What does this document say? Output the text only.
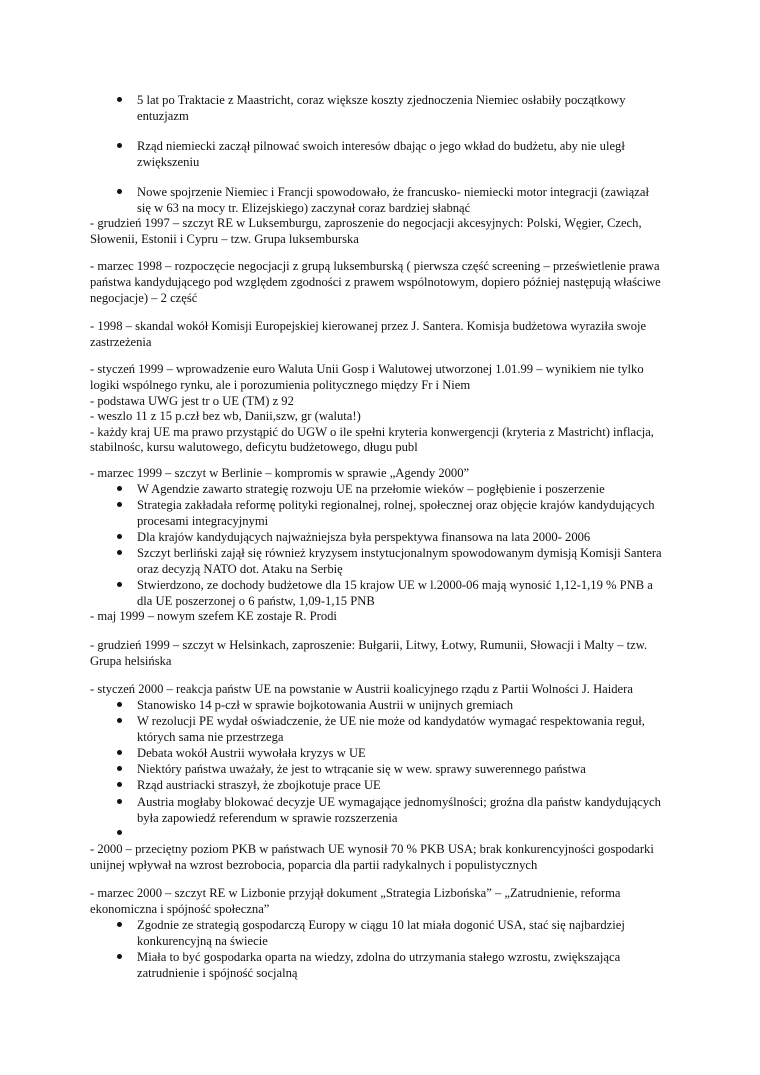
5 lat po Traktacie z Maastricht, coraz większe koszty zjednoczenia Niemiec osłabiły początkowy
entuzjazm
Rząd niemiecki zaczął pilnować swoich interesów dbając o jego wkład do budżetu, aby nie uległ
zwiększeniu
Nowe spojrzenie Niemiec i Francji spowodowało, że francusko- niemiecki motor integracji (zawiązał
się w 63 na mocy tr. Elizejskiego) zaczynał coraz bardziej słabnąć
- grudzień 1997 – szczyt RE w Luksemburgu, zaproszenie do negocjacji akcesyjnych: Polski, Węgier, Czech,
Słowenii, Estonii i Cypru – tzw. Grupa luksemburska
- marzec 1998 – rozpoczęcie negocjacji z grupą luksemburską ( pierwsza część screening – prześwietlenie prawa
państwa kandydującego pod względem zgodności z prawem wspólnotowym, dopiero później następują właściwe
negocjacje) – 2 część
- 1998 – skandal wokół Komisji Europejskiej kierowanej przez J. Santera. Komisja budżetowa wyraziła swoje
zastrzeżenia
- styczeń 1999 – wprowadzenie euro Waluta Unii Gosp i Walutowej utworzonej 1.01.99 – wynikiem nie tylko
logiki wspólnego rynku, ale i porozumienia politycznego między Fr i Niem
- podstawa UWG jest tr o UE (TM) z 92
- weszlo 11 z 15 p.czł bez wb, Danii,szw, gr (waluta!)
- każdy kraj UE ma prawo przystąpić do UGW o ile spełni kryteria konwergencji (kryteria z Mastricht) inflacja,
stabilnośc, kursu walutowego, deficytu budżetowego, długu publ
- marzec 1999 – szczyt w Berlinie – kompromis w sprawie „Agendy 2000”
W Agendzie zawarto strategię rozwoju UE na przełomie wieków – pogłębienie i poszerzenie
Strategia zakładała reformę polityki regionalnej, rolnej, społecznej oraz objęcie krajów kandydujących
procesami integracyjnymi
Dla krajów kandydujących najważniejsza była perspektywa finansowa na lata 2000- 2006
Szczyt berliński zajął się również kryzysem instytucjonalnym spowodowanym dymisją Komisji Santera
oraz decyzją NATO dot. Ataku na Serbię
Stwierdzono, ze dochody budżetowe dla 15 krajow UE w l.2000-06 mają wynosić 1,12-1,19 % PNB a
dla UE poszerzonej o 6 państw, 1,09-1,15 PNB
- maj 1999 – nowym szefem KE zostaje R. Prodi
- grudzień 1999 – szczyt w Helsinkach, zaproszenie: Bułgarii, Litwy, Łotwy, Rumunii, Słowacji i Malty – tzw.
Grupa helsińska
- styczeń 2000 – reakcja państw UE na powstanie w Austrii koalicyjnego rządu z Partii Wolności J. Haidera
Stanowisko 14 p-czł w sprawie bojkotowania Austrii w unijnych gremiach
W rezolucji PE wydał oświadczenie, że UE nie może od kandydatów wymagać respektowania reguł,
których sama nie przestrzega
Debata wokół Austrii wywołała kryzys w UE
Niektóry państwa uważały, że jest to wtrącanie się w wew. sprawy suwerennego państwa
Rząd austriacki straszył, że zbojkotuje prace UE
Austria mogłaby blokować decyzje UE wymagające jednomyślności; groźna dla państw kandydujących
była zapowiedź referendum w sprawie rozszerzenia
- 2000 – przeciętny poziom PKB w państwach UE wynosił 70 % PKB USA; brak konkurencyjności gospodarki
unijnej wpływał na wzrost bezrobocia, poparcia dla partii radykalnych i populistycznych
- marzec 2000 – szczyt RE w Lizbonie przyjął dokument „Strategia Lizbońska” – „Zatrudnienie, reforma
ekonomiczna i spójność społeczna”
Zgodnie ze strategią gospodarczą Europy w ciągu 10 lat miała dogonić USA, stać się najbardziej
konkurencyjną na świecie
Miała to być gospodarka oparta na wiedzy, zdolna do utrzymania stałego wzrostu, zwiększająca
zatrudnienie i spójność socjalną
